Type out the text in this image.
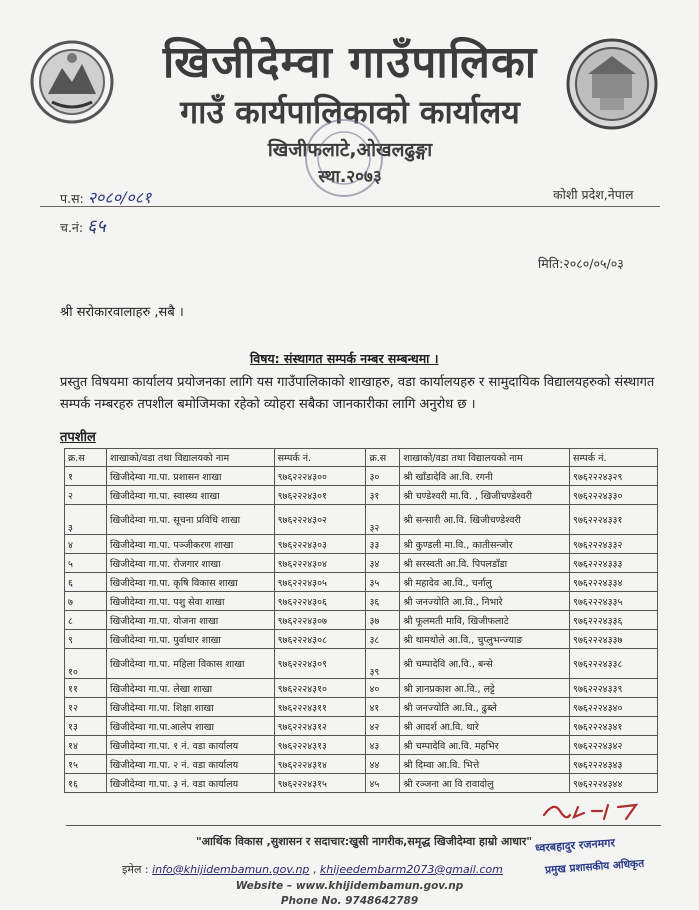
खिजीदेम्वा गाउँपालिका
गाउँ कार्यपालिकाको कार्यालय
खिजीफलाटे,ओखलढुङ्गा
स्था.२०७३
प.स: २०८०/०८१
च.नं: ६५
कोशी प्रदेश,नेपाल
मिति:२०८०/०५/०३
श्री सरोकारवालाहरु ,सबै ।
विषय: संस्थागत सम्पर्क नम्बर सम्बन्धमा ।
प्रस्तुत विषयमा कार्यालय प्रयोजनका लागि यस गाउँपालिकाको शाखाहरु, वडा कार्यालयहरु र सामुदायिक विद्यालयहरुको संस्थागत सम्पर्क नम्बरहरु तपशील बमोजिमका रहेको व्योहरा सबैका जानकारीका लागि अनुरोध छ ।
तपशील
क्र.स	शाखाको/वडा तथा विद्यालयको नाम	सम्पर्क नं.	क्र.स	शाखाको/वडा तथा विद्यालयको नाम	सम्पर्क नं.
१	खिजीदेम्वा गा.पा. प्रशासन शाखा	९७६२२२४३००	३०	श्री खाँडादेवि आ.वि. रगनी	९७६२२२४३२९
२	खिजीदेम्वा गा.पा. स्वास्थ्य शाखा	९७६२२२४३०१	३१	श्री चण्डेश्वरी मा.वि. , खिजीचण्डेश्वरी	९७६२२२४३३०
३	खिजीदेम्वा गा.पा. सूचना प्रविधि शाखा	९७६२२२४३०२	३२	श्री सन्सारी आ.वि. खिजीचण्डेश्वरी	९७६२२२४३३१
४	खिजीदेम्वा गा.पा. पञ्जीकरण शाखा	९७६२२२४३०३	३३	श्री कुण्डली मा.वि., कातीसन्जोर	९७६२२२४३३२
५	खिजीदेम्वा गा.पा. रोजगार शाखा	९७६२२२४३०४	३४	श्री सरस्वती आ.वि. पिपलडाँडा	९७६२२२४३३३
६	खिजीदेम्वा गा.पा. कृषि विकास शाखा	९७६२२२४३०५	३५	श्री महादेव आ.वि., चर्नालु	९७६२२२४३३४
७	खिजीदेम्वा गा.पा. पशु सेवा शाखा	९७६२२२४३०६	३६	श्री जनज्योति आ.वि., निभारे	९७६२२२४३३५
८	खिजीदेम्वा गा.पा. योजना शाखा	९७६२२२४३०७	३७	श्री फूलमती मावि, खिजीफलाटे	९७६२२२४३३६
९	खिजीदेम्वा गा.पा. पुर्वाधार शाखा	९७६२२२४३०८	३८	श्री थामथोले आ.वि., चुप्लुभन्ज्याङ	९७६२२२४३३७
१०	खिजीदेम्वा गा.पा. महिला विकास शाखा	९७६२२२४३०९	३९	श्री चम्पादेवि आ.वि., बन्से	९७६२२२४३३८
११	खिजीदेम्वा गा.पा. लेखा शाखा	९७६२२२४३१०	४०	श्री ज्ञानप्रकाश आ.वि., लट्टे	९७६२२२४३३९
१२	खिजीदेम्वा गा.पा. शिक्षा शाखा	९७६२२२४३११	४१	श्री जनज्योति आ.वि., ढुब्ले	९७६२२२४३४०
१३	खिजीदेम्वा गा.पा.आलेप शाखा	९७६२२२४३१२	४२	श्री आदर्श आ.वि. थारे	९७६२२२४३४१
१४	खिजीदेम्वा गा.पा. १ नं. वडा कार्यालय	९७६२२२४३१३	४३	श्री चम्पादेवि आ.वि. महभिर	९७६२२२४३४२
१५	खिजीदेम्वा गा.पा. २ नं. वडा कार्यालय	९७६२२२४३१४	४४	श्री दिम्वा आ.वि. भित्ते	९७६२२२४३४३
१६	खिजीदेम्वा गा.पा. ३ नं. वडा कार्यालय	९७६२२२४३१५	४५	श्री रञ्जना आ वि रावादोलु	९७६२२२४३४४
"आर्थिक विकास ,सुशासन र सदाचार:खुसी नागरीक,समृद्ध खिजीदेम्वा हाम्रो आधार"
इमेल : info@khijidembamun.gov.np , khijeedembarm2073@gmail.com
Website – www.khijidembamun.gov.np
Phone No. 9748642789
ध्वरबहादुर रजनमगर
प्रमुख प्रशासकीय अधिकृत
